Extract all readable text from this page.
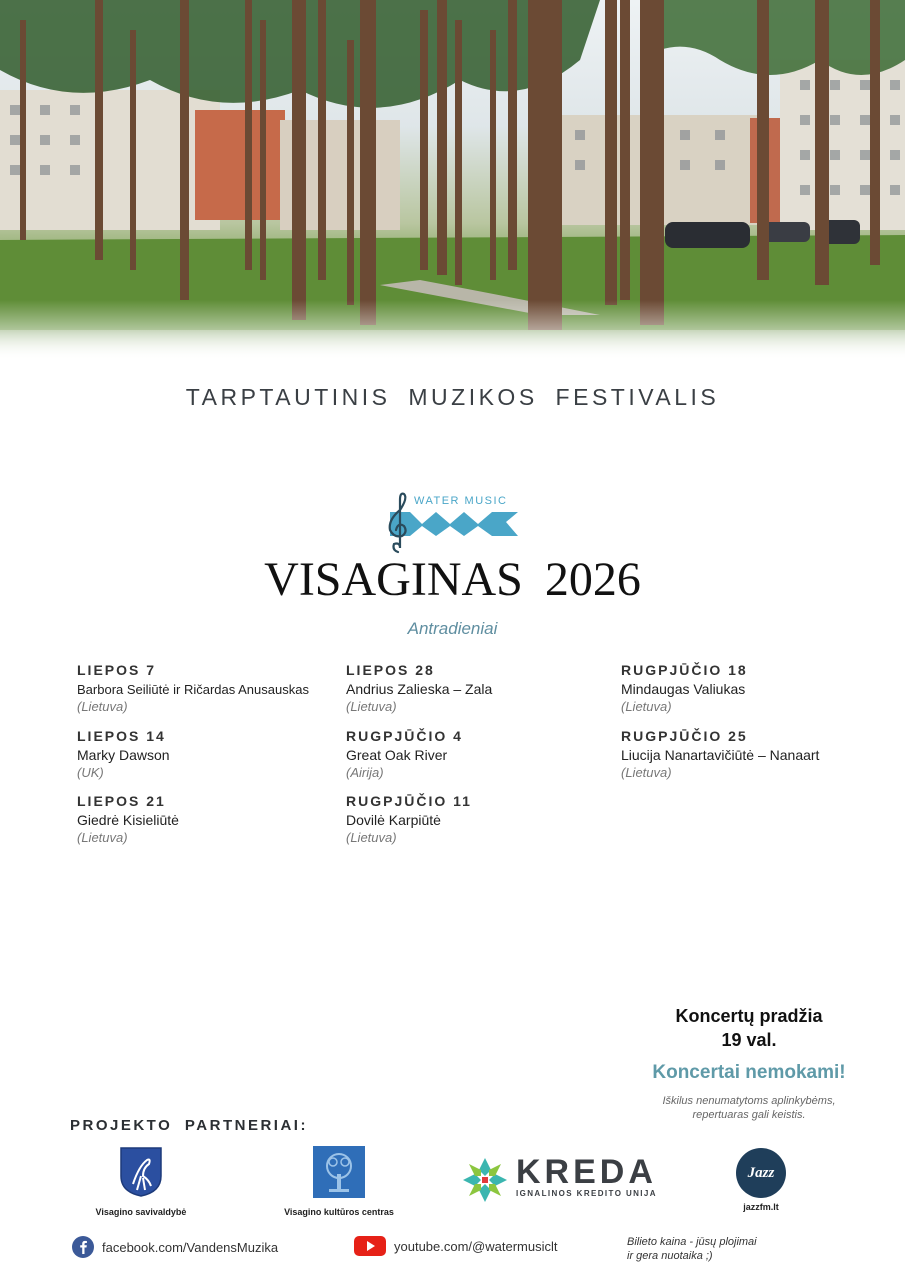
TARPTAUTINIS MUZIKOS FESTIVALIS
WATER MUSIC
VISAGINAS 2026
Antradieniai
LIEPOS 7
Barbora Seiliūtė ir Ričardas Anusauskas
(Lietuva)
LIEPOS 14
Marky Dawson
(UK)
LIEPOS 21
Giedrė Kisieliūtė
(Lietuva)
LIEPOS 28
Andrius Zalieska – Zala
(Lietuva)
RUGPJŪČIO 4
Great Oak River
(Airija)
RUGPJŪČIO 11
Dovilė Karpiūtė
(Lietuva)
RUGPJŪČIO 18
Mindaugas Valiukas
(Lietuva)
RUGPJŪČIO 25
Liucija Nanartavičiūtė – Nanaart
(Lietuva)
Koncertų pradžia
19 val.
Koncertai nemokami!
Iškilus nenumatytoms aplinkybėms,
repertuaras gali keistis.
PROJEKTO PARTNERIAI:
Visagino savivaldybė	Visagino kultūros centras
KREDA
IGNALINOS KREDITO UNIJA
Jazz
jazzfm.lt
facebook.com/VandensMuzika	youtube.com/@watermusiclt	Bilieto kaina - jūsų plojimai
ir gera nuotaika ;)
